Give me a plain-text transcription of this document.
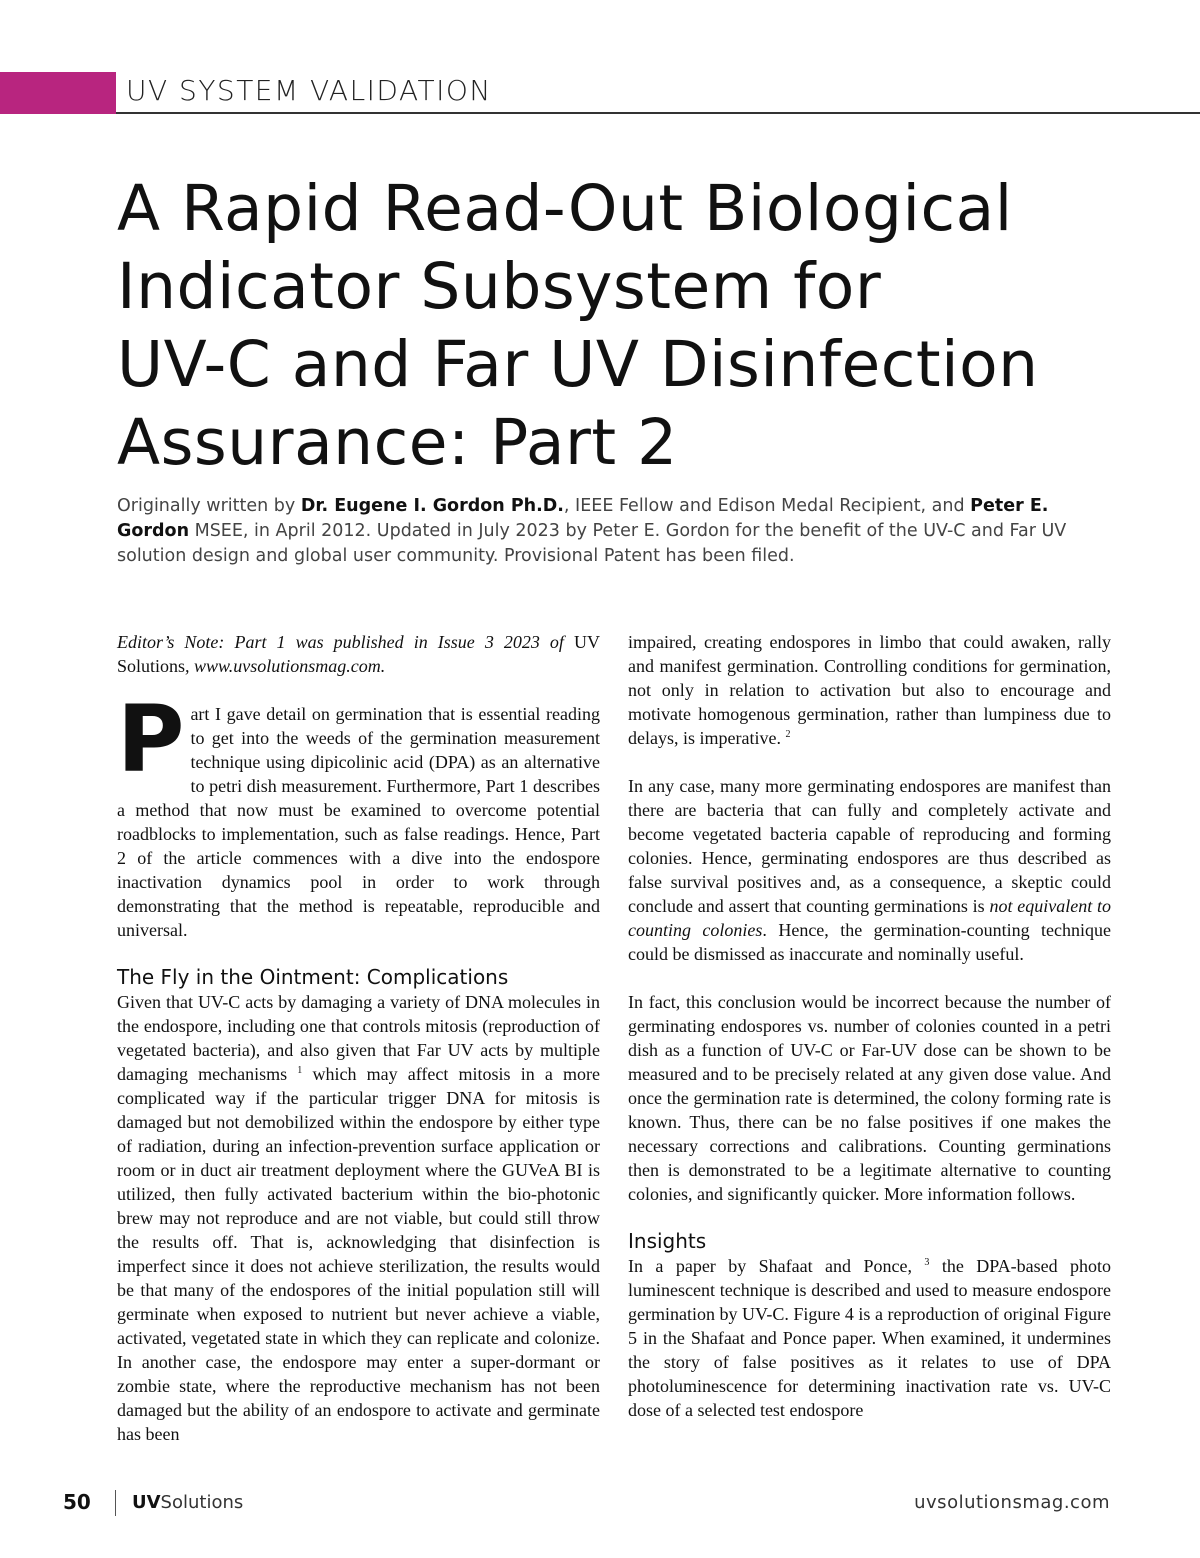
UV SYSTEM VALIDATION
A Rapid Read-Out Biological
Indicator Subsystem for
UV-C and Far UV Disinfection
Assurance: Part 2
Originally written by Dr. Eugene I. Gordon Ph.D., IEEE Fellow and Edison Medal Recipient, and Peter E. Gordon MSEE, in April 2012. Updated in July 2023 by Peter E. Gordon for the benefit of the UV-C and Far UV solution design and global user community. Provisional Patent has been filed.

Editor’s Note: Part 1 was published in Issue 3 2023 of UV Solutions, www.uvsolutionsmag.com.

Part I gave detail on germination that is essential reading to get into the weeds of the germination measurement technique using dipicolinic acid (DPA) as an alternative to petri dish measurement. Furthermore, Part 1 describes a method that now must be examined to overcome potential roadblocks to implementation, such as false readings. Hence, Part 2 of the article commences with a dive into the endospore inactivation dynamics pool in order to work through demonstrating that the method is repeatable, reproducible and universal.

The Fly in the Ointment: Complications

Given that UV-C acts by damaging a variety of DNA molecules in the endospore, including one that controls mitosis (reproduction of vegetated bacteria), and also given that Far UV acts by multiple damaging mechanisms $^1$ which may affect mitosis in a more complicated way if the particular trigger DNA for mitosis is damaged but not demobilized within the endospore by either type of radiation, during an infection-prevention surface application or room or in duct air treatment deployment where the GUVeA BI is utilized, then fully activated bacterium within the bio-photonic brew may not reproduce and are not viable, but could still throw the results off. That is, acknowledging that disinfection is imperfect since it does not achieve sterilization, the results would be that many of the endospores of the initial population still will germinate when exposed to nutrient but never achieve a viable, activated, vegetated state in which they can replicate and colonize. In another case, the endospore may enter a super-dormant or zombie state, where the reproductive mechanism has not been damaged but the ability of an endospore to activate and germinate has been

impaired, creating endospores in limbo that could awaken, rally and manifest germination. Controlling conditions for germination, not only in relation to activation but also to encourage and motivate homogenous germination, rather than lumpiness due to delays, is imperative. $^2$

In any case, many more germinating endospores are manifest than there are bacteria that can fully and completely activate and become vegetated bacteria capable of reproducing and forming colonies. Hence, germinating endospores are thus described as false survival positives and, as a consequence, a skeptic could conclude and assert that counting germinations is not equivalent to counting colonies. Hence, the germination-counting technique could be dismissed as inaccurate and nominally useful.

In fact, this conclusion would be incorrect because the number of germinating endospores vs. number of colonies counted in a petri dish as a function of UV-C or Far-UV dose can be shown to be measured and to be precisely related at any given dose value. And once the germination rate is determined, the colony forming rate is known. Thus, there can be no false positives if one makes the necessary corrections and calibrations. Counting germinations then is demonstrated to be a legitimate alternative to counting colonies, and significantly quicker. More information follows.

Insights

In a paper by Shafaat and Ponce, $^3$ the DPA-based photo luminescent technique is described and used to measure endospore germination by UV-C. Figure 4 is a reproduction of original Figure 5 in the Shafaat and Ponce paper. When examined, it undermines the story of false positives as it relates to use of DPA photoluminescence for determining inactivation rate vs. UV-C dose of a selected test endospore

50 UVSolutions	uvsolutionsmag.com
